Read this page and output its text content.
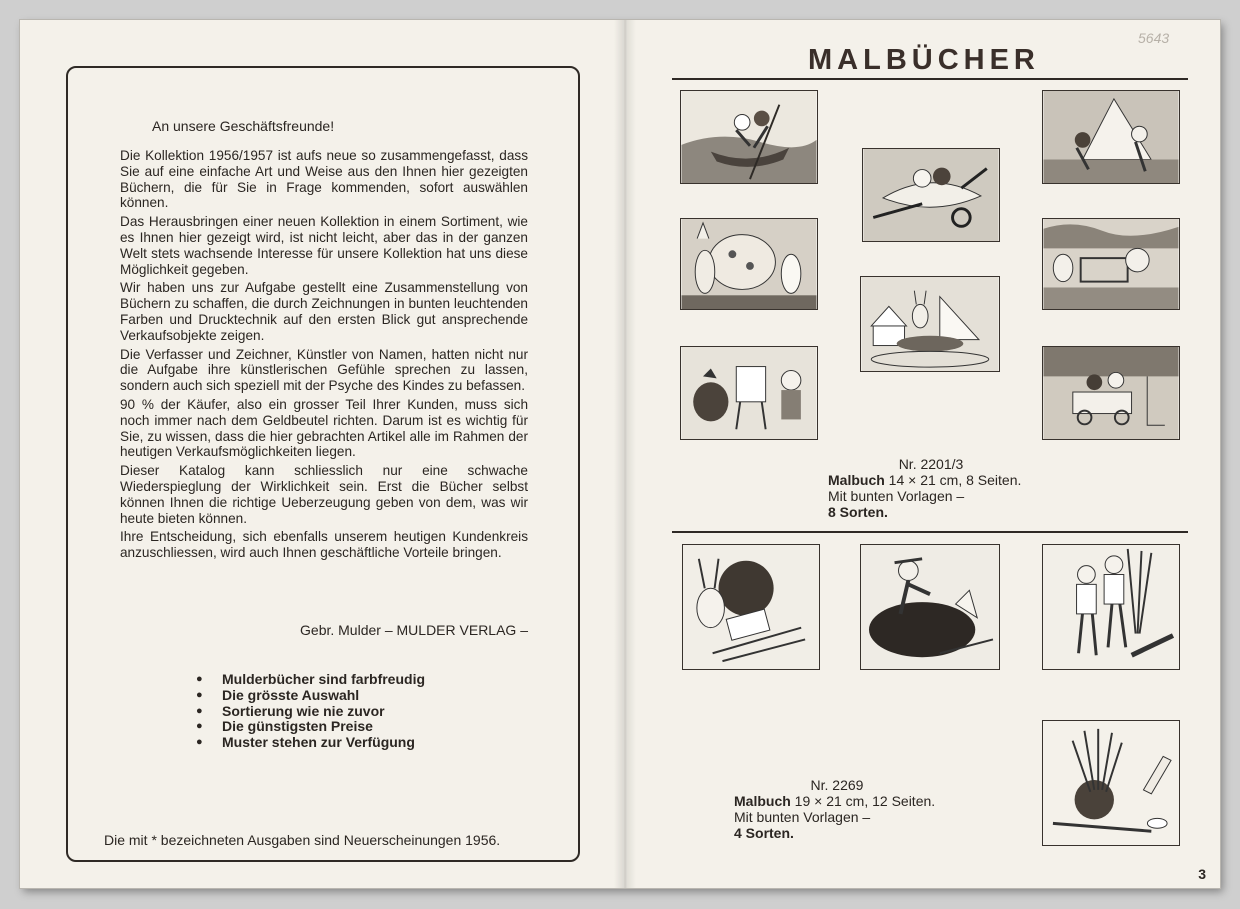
An unsere Geschäftsfreunde!

Die Kollektion 1956/1957 ist aufs neue so zusammengefasst, dass Sie auf eine einfache Art und Weise aus den Ihnen hier gezeigten Büchern, die für Sie in Frage kommenden, sofort auswählen können.

Das Herausbringen einer neuen Kollektion in einem Sortiment, wie es Ihnen hier gezeigt wird, ist nicht leicht, aber das in der ganzen Welt stets wachsende Interesse für unsere Kollektion hat uns diese Möglichkeit gegeben.

Wir haben uns zur Aufgabe gestellt eine Zusammenstellung von Büchern zu schaffen, die durch Zeichnungen in bunten leuchtenden Farben und Drucktechnik auf den ersten Blick gut ansprechende Verkaufsobjekte zeigen.

Die Verfasser und Zeichner, Künstler von Namen, hatten nicht nur die Aufgabe ihre künstlerischen Gefühle sprechen zu lassen, sondern auch sich speziell mit der Psyche des Kindes zu befassen.

90 % der Käufer, also ein grosser Teil Ihrer Kunden, muss sich noch immer nach dem Geldbeutel richten. Darum ist es wichtig für Sie, zu wissen, dass die hier gebrachten Artikel alle im Rahmen der heutigen Verkaufsmöglichkeiten liegen.

Dieser Katalog kann schliesslich nur eine schwache Wiederspieglung der Wirklichkeit sein. Erst die Bücher selbst können Ihnen die richtige Ueberzeugung geben von dem, was wir heute bieten können.

Ihre Entscheidung, sich ebenfalls unserem heutigen Kundenkreis anzuschliessen, wird auch Ihnen geschäftliche Vorteile bringen.

Gebr. Mulder – MULDER VERLAG –

● Mulderbücher sind farbfreudig
● Die grösste Auswahl
● Sortierung wie nie zuvor
● Die günstigsten Preise
● Muster stehen zur Verfügung

Die mit * bezeichneten Ausgaben sind Neuerscheinungen 1956.

5643

MALBÜCHER
Nr. 2201/3
Malbuch 14 × 21 cm, 8 Seiten. Mit bunten Vorlagen –
8 Sorten.
Nr. 2269
Malbuch 19 × 21 cm, 12 Seiten. Mit bunten Vorlagen –
4 Sorten.

3
